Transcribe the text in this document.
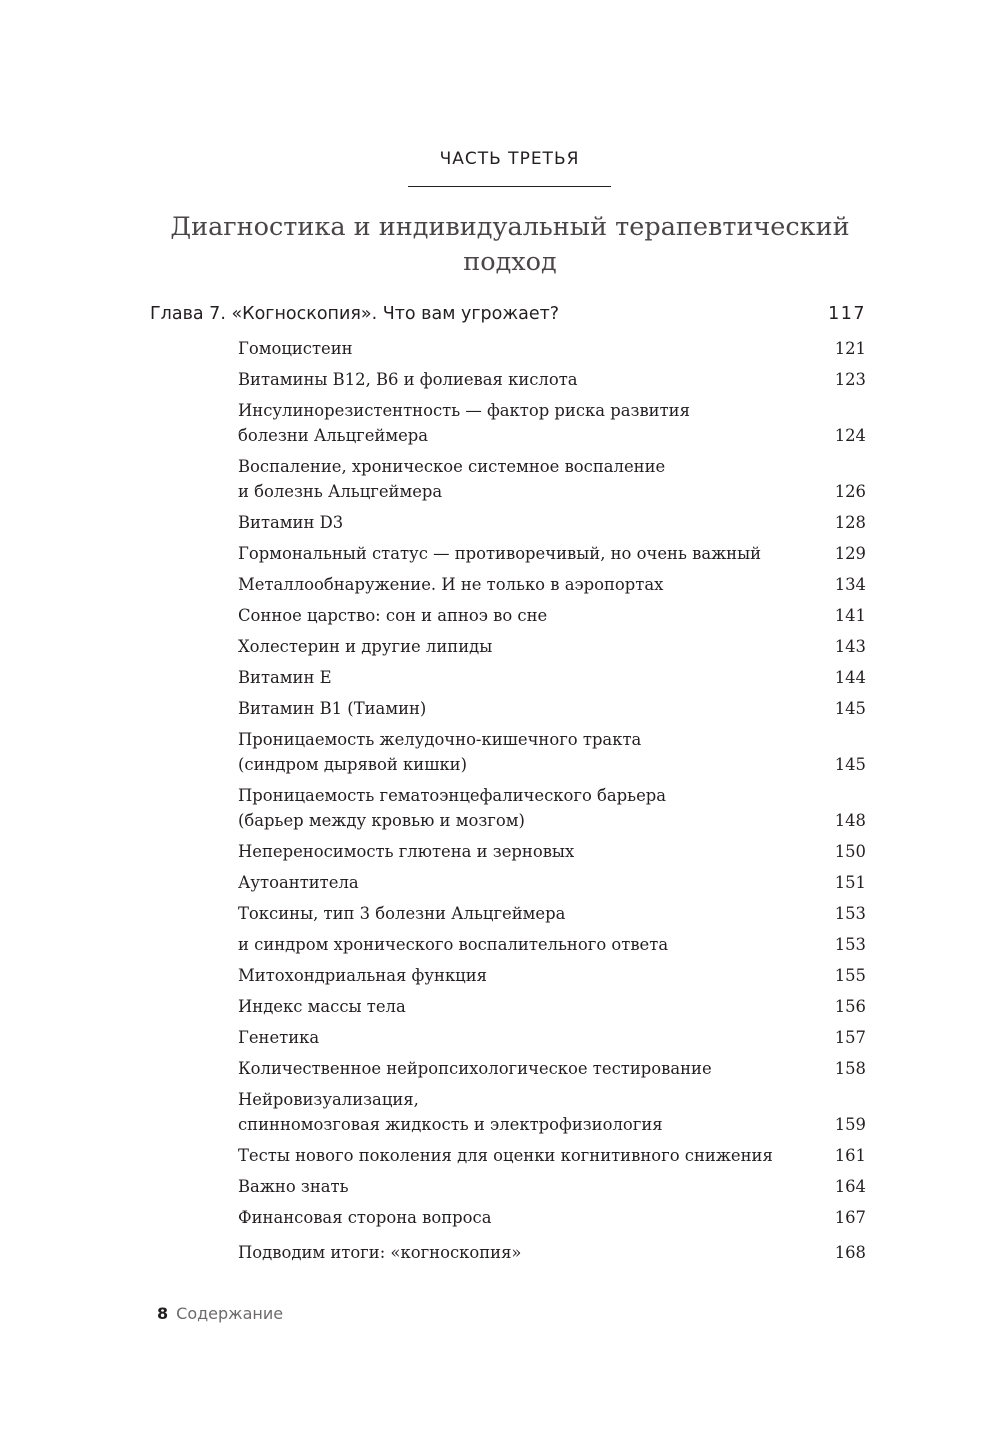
ЧАСТЬ ТРЕТЬЯ
Диагностика и индивидуальный терапевтический подход
Глава 7. «Когноскопия». Что вам угрожает?	117
Гомоцистеин	121
Витамины B12, B6 и фолиевая кислота	123
Инсулинорезистентность — фактор риска развития
болезни Альцгеймера	124
Воспаление, хроническое системное воспаление
и болезнь Альцгеймера	126
Витамин D3	128
Гормональный статус — противоречивый, но очень важный	129
Металлообнаружение. И не только в аэропортах	134
Сонное царство: сон и апноэ во сне	141
Холестерин и другие липиды	143
Витамин E	144
Витамин B1 (Тиамин)	145
Проницаемость желудочно-кишечного тракта
(синдром дырявой кишки)	145
Проницаемость гематоэнцефалического барьера
(барьер между кровью и мозгом)	148
Непереносимость глютена и зерновых	150
Аутоантитела	151
Токсины, тип 3 болезни Альцгеймера	153
и синдром хронического воспалительного ответа	153
Митохондриальная функция	155
Индекс массы тела	156
Генетика	157
Количественное нейропсихологическое тестирование	158
Нейровизуализация,
спинномозговая жидкость и электрофизиология	159
Тесты нового поколения для оценки когнитивного снижения	161
Важно знать	164
Финансовая сторона вопроса	167
Подводим итоги: «когноскопия»	168
8 Содержание
